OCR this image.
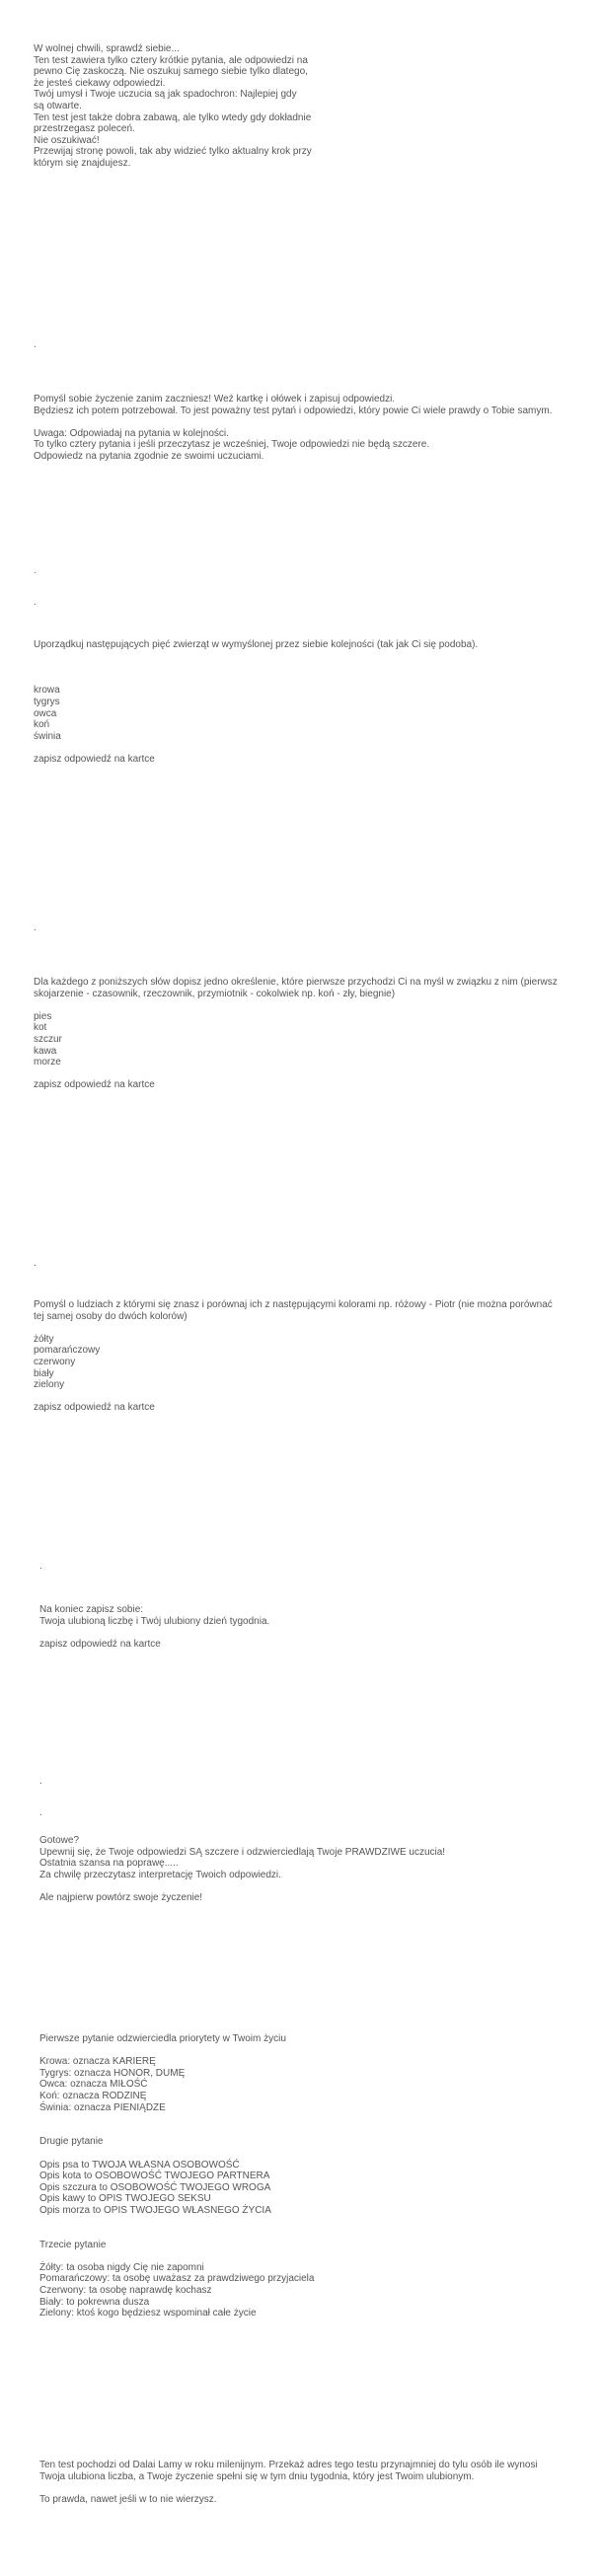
W wolnej chwili, sprawdź siebie...
Ten test zawiera tylko cztery krótkie pytania, ale odpowiedzi na
pewno Cię zaskoczą. Nie oszukuj samego siebie tylko dlatego,
że jesteś ciekawy odpowiedzi.
Twój umysł i Twoje uczucia są jak spadochron: Najlepiej gdy
są otwarte.
Ten test jest także dobra zabawą, ale tylko wtedy gdy dokładnie
przestrzegasz poleceń.
Nie oszukiwać!
Przewijaj stronę powoli, tak aby widzieć tylko aktualny krok przy
którym się znajdujesz.
.
Pomyśl sobie życzenie zanim zaczniesz! Weź kartkę i ołówek i zapisuj odpowiedzi.
Będziesz ich potem potrzebował. To jest poważny test pytań i odpowiedzi, który powie Ci wiele prawdy o Tobie samym.
Uwaga: Odpowiadaj na pytania w kolejności.
To tylko cztery pytania i jeśli przeczytasz je wcześniej, Twoje odpowiedzi nie będą szczere.
Odpowiedz na pytania zgodnie ze swoimi uczuciami.
.
.
Uporządkuj następujących pięć zwierząt w wymyślonej przez siebie kolejności (tak jak Ci się podoba).
krowa
tygrys
owca
koń
świnia
zapisz odpowiedź na kartce
.
Dla każdego z poniższych słów dopisz jedno określenie, które pierwsze przychodzi Ci na myśl w związku z nim (pierwsz
skojarzenie - czasownik, rzeczownik, przymiotnik - cokolwiek np. koń - zły, biegnie)
pies
kot
szczur
kawa
morze
zapisz odpowiedź na kartce
.
Pomyśl o ludziach z którymi się znasz i porównaj ich z następującymi kolorami np. różowy - Piotr (nie można porównać
tej samej osoby do dwóch kolorów)
żółty
pomarańczowy
czerwony
biały
zielony
zapisz odpowiedź na kartce
.
Na koniec zapisz sobie:
Twoja ulubioną liczbę i Twój ulubiony dzień tygodnia.
zapisz odpowiedź na kartce
.
.
Gotowe?
Upewnij się, że Twoje odpowiedzi SĄ szczere i odzwierciedlają Twoje PRAWDZIWE uczucia!
Ostatnia szansa na poprawę.....
Za chwilę przeczytasz interpretację Twoich odpowiedzi.
Ale najpierw powtórz swoje życzenie!
Pierwsze pytanie odzwierciedla priorytety w Twoim życiu
Krowa: oznacza KARIERĘ
Tygrys: oznacza HONOR, DUMĘ
Owca: oznacza MIŁOŚĆ
Koń: oznacza RODZINĘ
Świnia: oznacza PIENIĄDZE
Drugie pytanie
Opis psa to TWOJA WŁASNA OSOBOWOŚĆ
Opis kota to OSOBOWOŚĆ TWOJEGO PARTNERA
Opis szczura to OSOBOWOŚĆ TWOJEGO WROGA
Opis kawy to OPIS TWOJEGO SEKSU
Opis morza to OPIS TWOJEGO WŁASNEGO ŻYCIA
Trzecie pytanie
Żółty: ta osoba nigdy Cię nie zapomni
Pomarańczowy: ta osobę uważasz za prawdziwego przyjaciela
Czerwony: ta osobę naprawdę kochasz
Biały: to pokrewna dusza
Zielony: ktoś kogo będziesz wspominał całe życie
Ten test pochodzi od Dalai Lamy w roku milenijnym. Przekaż adres tego testu przynajmniej do tylu osób ile wynosi
Twoja ulubiona liczba, a Twoje życzenie spełni się w tym dniu tygodnia, który jest Twoim ulubionym.
To prawda, nawet jeśli w to nie wierzysz.
